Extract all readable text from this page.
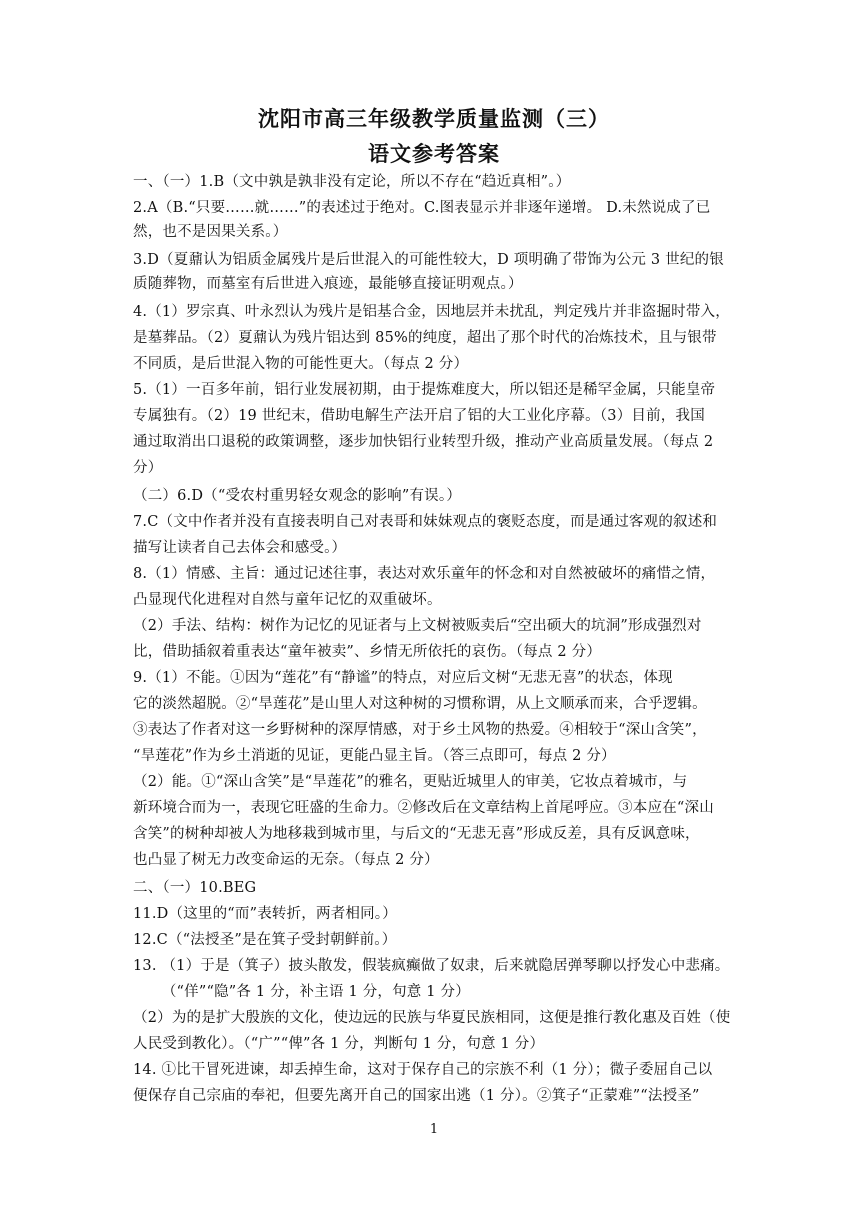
沈阳市高三年级教学质量监测（三）
语文参考答案
一、（一）1.B（文中孰是孰非没有定论，所以不存在“趋近真相”。）
2.A（B.“只要……就……”的表述过于绝对。C.图表显示并非逐年递增。 D.未然说成了已
然，也不是因果关系。）
3.D（夏鼐认为铝质金属残片是后世混入的可能性较大，D 项明确了带饰为公元 3 世纪的银
质随葬物，而墓室有后世进入痕迹，最能够直接证明观点。）
4.（1）罗宗真、叶永烈认为残片是铝基合金，因地层并未扰乱，判定残片并非盗掘时带入，
是墓葬品。（2）夏鼐认为残片铝达到 85%的纯度，超出了那个时代的冶炼技术，且与银带
不同质，是后世混入物的可能性更大。（每点 2 分）
5.（1）一百多年前，铝行业发展初期，由于提炼难度大，所以铝还是稀罕金属，只能皇帝
专属独有。（2）19 世纪末，借助电解生产法开启了铝的大工业化序幕。（3）目前，我国
通过取消出口退税的政策调整，逐步加快铝行业转型升级，推动产业高质量发展。（每点 2
分）
（二）6.D（“受农村重男轻女观念的影响”有误。）
7.C（文中作者并没有直接表明自己对表哥和妹妹观点的褒贬态度，而是通过客观的叙述和
描写让读者自己去体会和感受。）
8.（1）情感、主旨：通过记述往事，表达对欢乐童年的怀念和对自然被破坏的痛惜之情，
凸显现代化进程对自然与童年记忆的双重破坏。
（2）手法、结构：树作为记忆的见证者与上文树被贩卖后“空出硕大的坑洞”形成强烈对
比，借助插叙着重表达“童年被卖”、乡情无所依托的哀伤。（每点 2 分）
9.（1）不能。①因为“莲花”有“静谧”的特点，对应后文树“无悲无喜”的状态，体现
它的淡然超脱。②“旱莲花”是山里人对这种树的习惯称谓，从上文顺承而来，合乎逻辑。
③表达了作者对这一乡野树种的深厚情感，对于乡土风物的热爱。④相较于“深山含笑”，
“旱莲花”作为乡土消逝的见证，更能凸显主旨。（答三点即可，每点 2 分）
（2）能。①“深山含笑”是“旱莲花”的雅名，更贴近城里人的审美，它妆点着城市，与
新环境合而为一，表现它旺盛的生命力。②修改后在文章结构上首尾呼应。③本应在“深山
含笑”的树种却被人为地移栽到城市里，与后文的“无悲无喜”形成反差，具有反讽意味，
也凸显了树无力改变命运的无奈。（每点 2 分）
二、（一）10.BEG
11.D（这里的“而”表转折，两者相同。）
12.C（“法授圣”是在箕子受封朝鲜前。）
13. （1）于是（箕子）披头散发，假装疯癫做了奴隶，后来就隐居弹琴聊以抒发心中悲痛。
（“佯”“隐”各 1 分，补主语 1 分，句意 1 分）
（2）为的是扩大殷族的文化，使边远的民族与华夏民族相同，这便是推行教化惠及百姓（使
人民受到教化）。（“广”“俾”各 1 分，判断句 1 分，句意 1 分）
14. ①比干冒死进谏，却丢掉生命，这对于保存自己的宗族不利（1 分）；微子委屈自己以
便保存自己宗庙的奉祀，但要先离开自己的国家出逃（1 分）。②箕子“正蒙难”“法授圣”
1
